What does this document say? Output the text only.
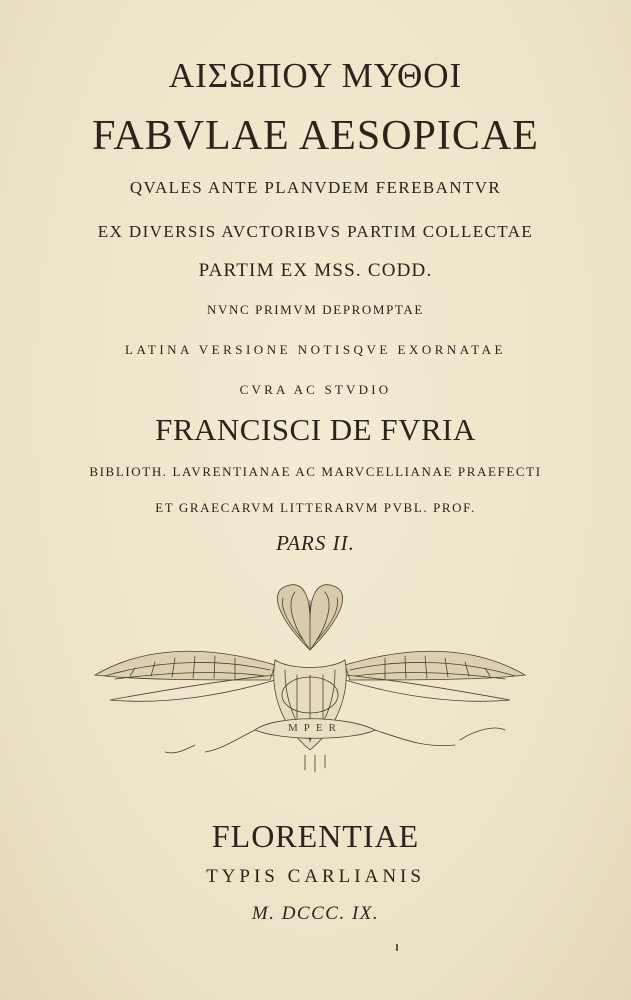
ΑΙΣΩΠΟΥ ΜΥΘΟΙ
FABVLAE AESOPICAE
QVALES ANTE PLANVDEM FEREBANTVR
EX DIVERSIS AVCTORIBVS PARTIM COLLECTAE
PARTIM EX MSS. CODD.
NVNC PRIMVM DEPROMPTAE
LATINA VERSIONE NOTISQVE EXORNATAE
CVRA AC STVDIO
FRANCISCI DE FVRIA
BIBLIOTH. LAVRENTIANAE AC MARVCELLIANAE PRAEFECTI
ET GRAECARVM LITTERARVM PVBL. PROF.
PARS II.
MPER
FLORENTIAE
TYPIS CARLIANIS
M. DCCC. IX.
